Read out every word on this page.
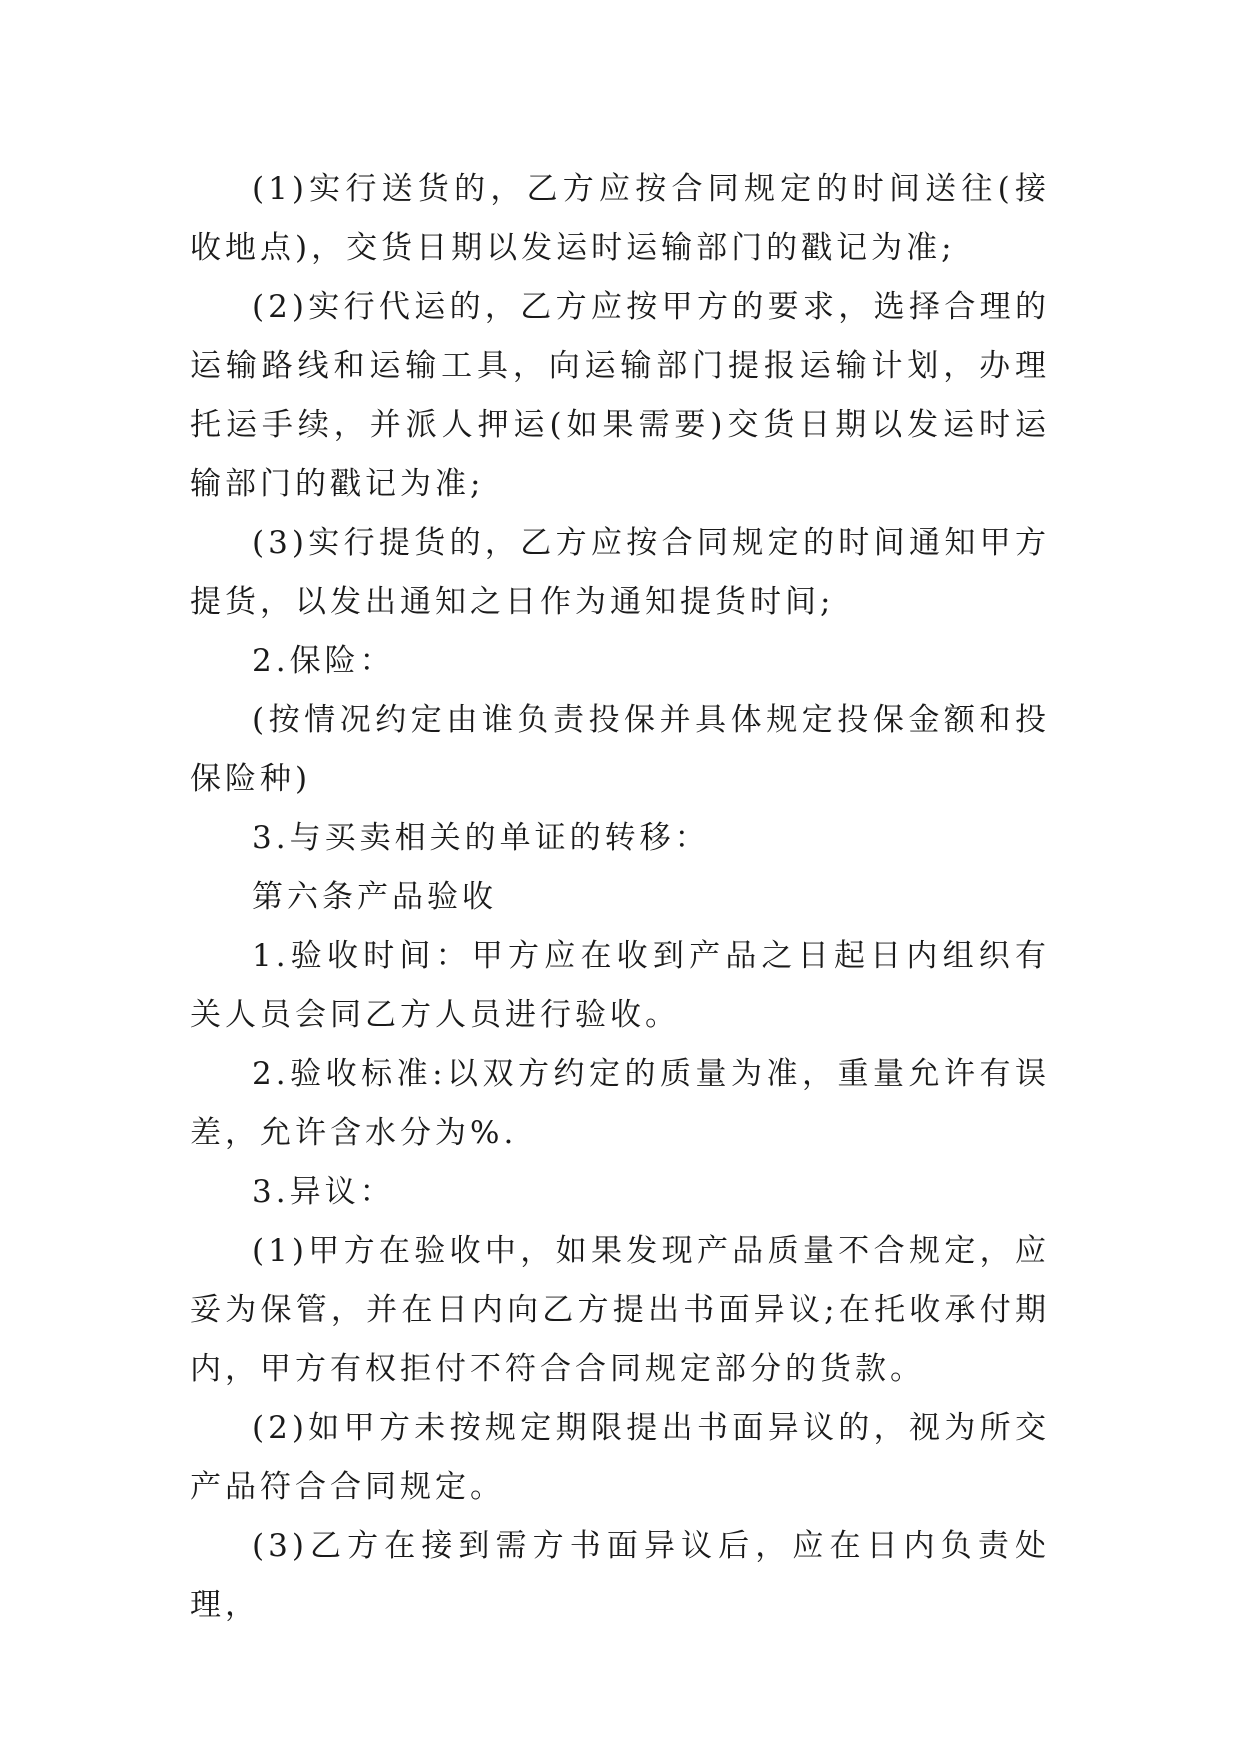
(1)实行送货的，乙方应按合同规定的时间送往(接收地点)，交货日期以发运时运输部门的戳记为准;

(2)实行代运的，乙方应按甲方的要求，选择合理的运输路线和运输工具，向运输部门提报运输计划，办理托运手续，并派人押运(如果需要)交货日期以发运时运输部门的戳记为准;

(3)实行提货的，乙方应按合同规定的时间通知甲方提货，以发出通知之日作为通知提货时间;

2.保险：

(按情况约定由谁负责投保并具体规定投保金额和投保险种)

3.与买卖相关的单证的转移：

第六条产品验收

1.验收时间：甲方应在收到产品之日起日内组织有关人员会同乙方人员进行验收。

2.验收标准:以双方约定的质量为准，重量允许有误差，允许含水分为%.

3.异议：

(1)甲方在验收中，如果发现产品质量不合规定，应妥为保管，并在日内向乙方提出书面异议;在托收承付期内，甲方有权拒付不符合合同规定部分的货款。

(2)如甲方未按规定期限提出书面异议的，视为所交产品符合合同规定。

(3)乙方在接到需方书面异议后，应在日内负责处理，
